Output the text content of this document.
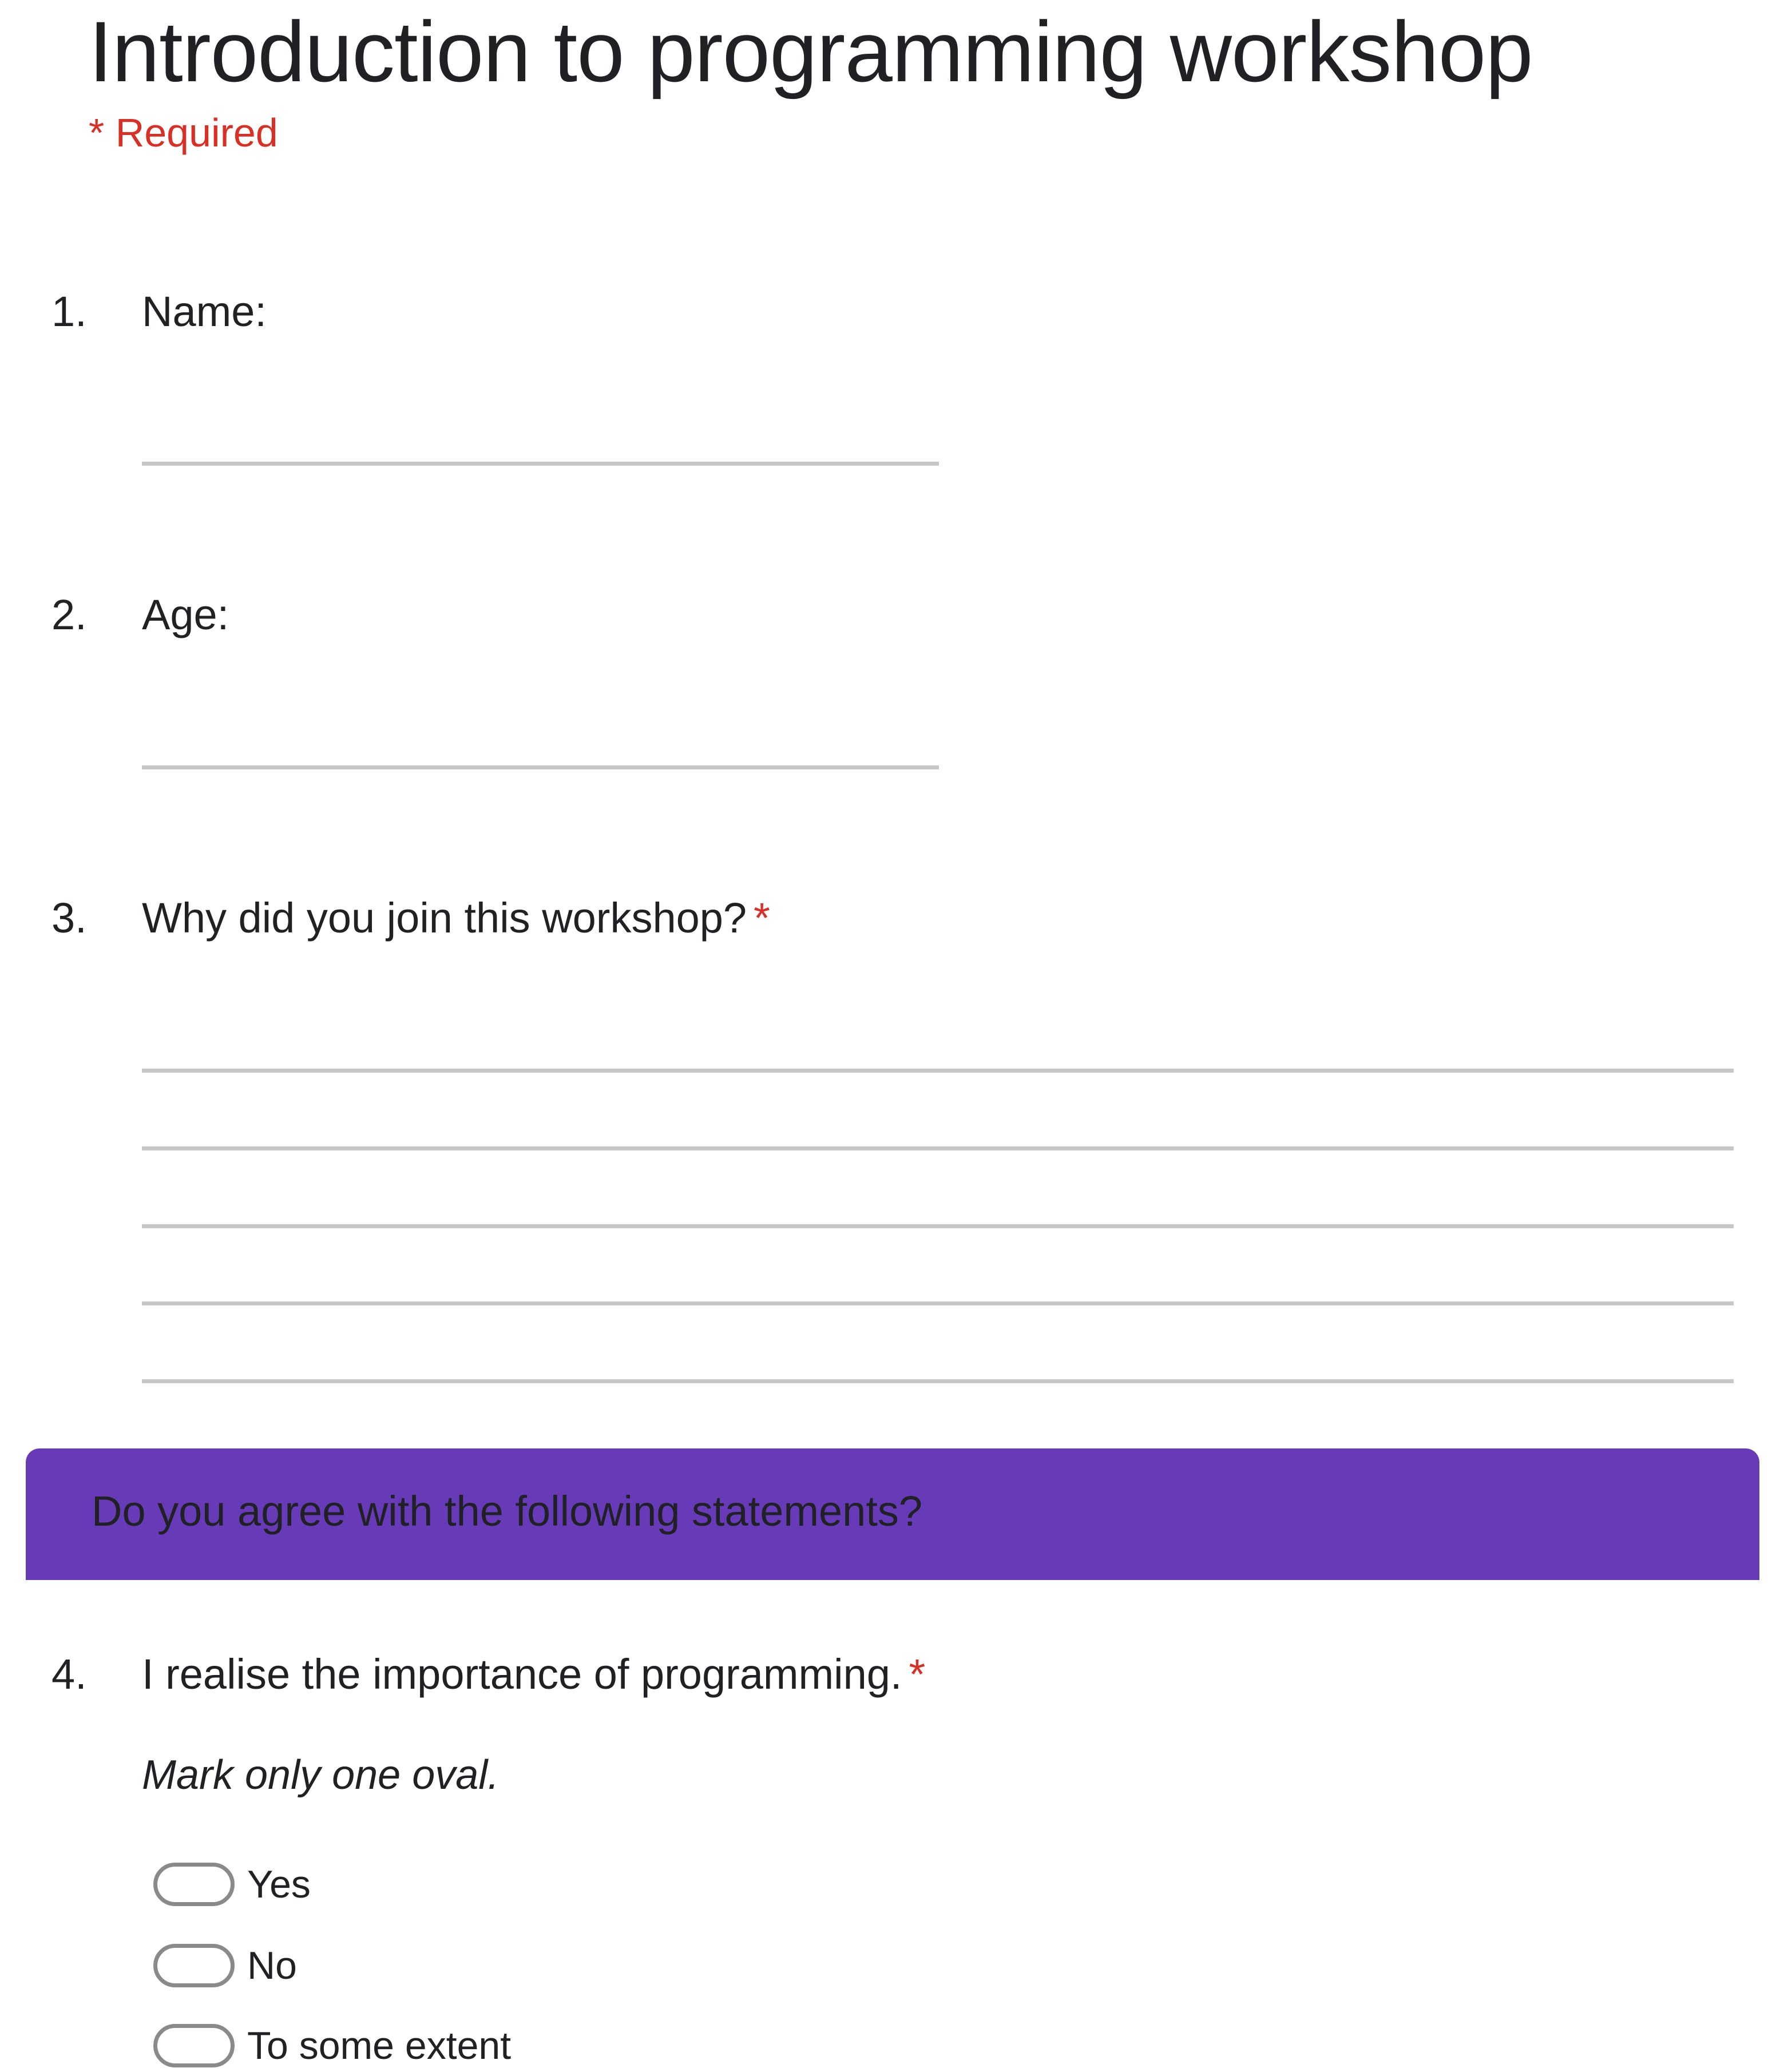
Introduction to programming workshop
* Required
1. Name:
2. Age:
3. Why did you join this workshop? *
Do you agree with the following statements?
4. I realise the importance of programming. *
Mark only one oval.
Yes
No
To some extent
